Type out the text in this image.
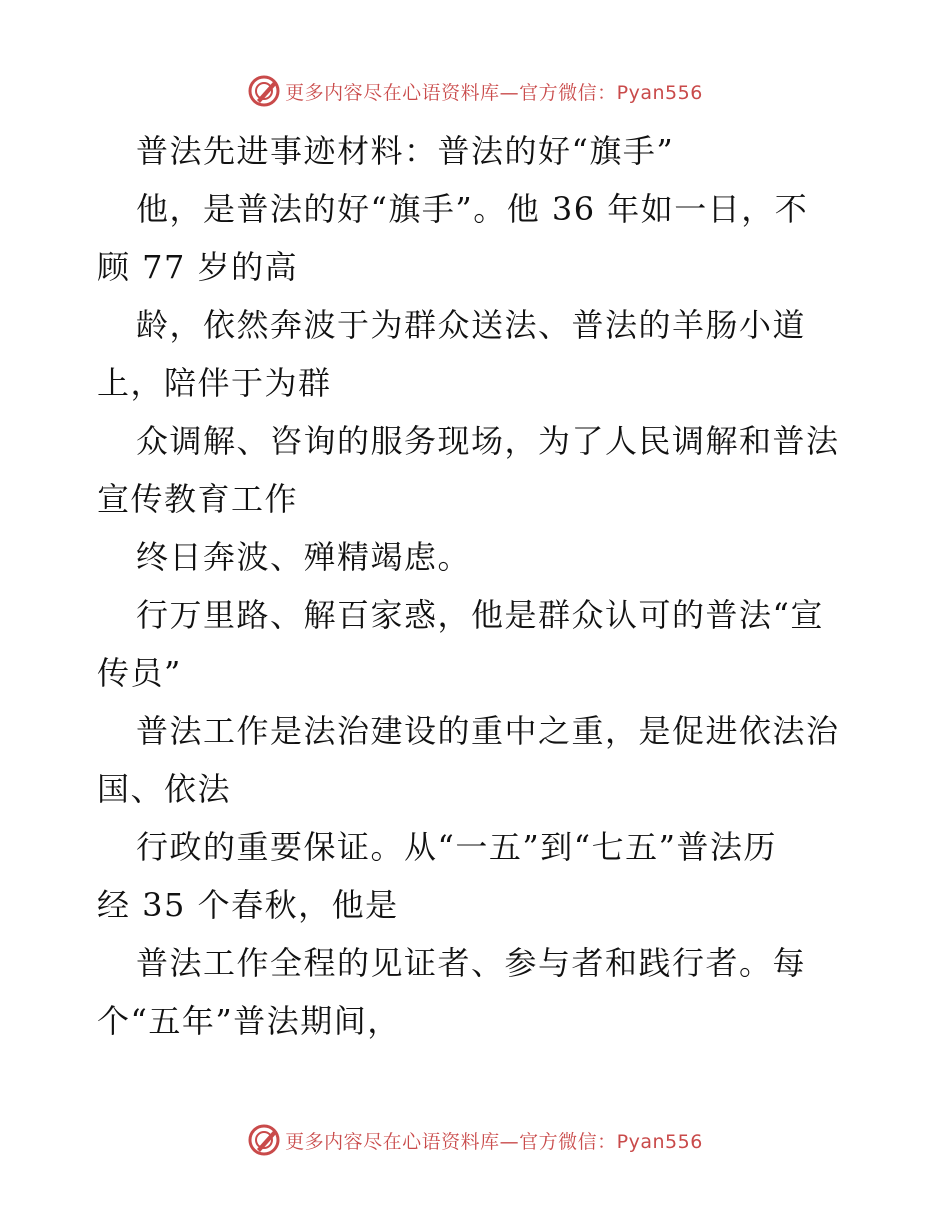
更多内容尽在心语资料库—官方微信：Pyan556
普法先进事迹材料：普法的好“旗手”
他，是普法的好“旗手”。他 36 年如一日，不
顾 77 岁的高
龄，依然奔波于为群众送法、普法的羊肠小道
上，陪伴于为群
众调解、咨询的服务现场，为了人民调解和普法
宣传教育工作
终日奔波、殚精竭虑。
行万里路、解百家惑，他是群众认可的普法“宣
传员”
普法工作是法治建设的重中之重，是促进依法治
国、依法
行政的重要保证。从“一五”到“七五”普法历
经 35 个春秋，他是
普法工作全程的见证者、参与者和践行者。每
个“五年”普法期间，
更多内容尽在心语资料库—官方微信：Pyan556
